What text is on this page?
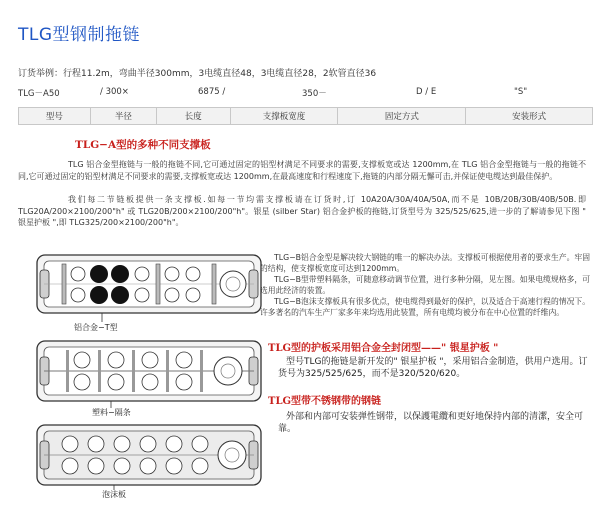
TLG型钢制拖链
订货举例：行程11.2m，弯曲半径300mm，3电缆直径48，3电缆直径28，2软管直径36
TLG－A50	/ 300×	6875 /	350－	D / E	"S"
型号	半径	长度	支撑板宽度	固定方式	安装形式
TLG−A型的多种不同支撑板
TLG 铝合金型拖链与一般的拖链不同,它可通过固定的铝型材满足不同要求的需要,支撑板宽或达 1200mm,在 TLG 铝合金型拖链与一般的拖链不同,它可通过固定的铝型材满足不同要求的需要,支撑板宽或达 1200mm,在最高速度和行程速度下,拖链的内部分隔无懈可击,并保证使电缆达到最佳保护。
我们每二节链板提供一条支撑板.如每一节均需支撑板请在订货时,订 10A20A/30A/40A/50A,而不是 10B/20B/30B/40B/50B.即 TLG20A/200×2100/200"h" 或 TLG20B/200×2100/200"h"。银星 (silber Star) 铝合金护板的拖链,订货型号为 325/525/625,进一步的了解请参见下图 " 银星护板 ",即 TLG325/200×2100/200"h"。
铝合金−T型

TLG−B铝合金型是解决较大钢链的唯一的解决办法。支撑板可根据使用者的要求生产。牢固的结构，使支撑板宽度可达到1200mm。

TLG−B型带塑料隔条，可随意移动调节位置，进行多种分隔，见左图。如果电缆规格多，可选用此经济的装置。

TLG−B泡沫支撑板具有很多优点，使电缆得到最好的保护，以及适合于高速行程的情况下。许多著名的汽车生产厂家多年来均选用此装置，所有电缆均被分布在中心位置的纤维内。

塑料−隔条
TLG型的护板采用铝合金全封闭型——" 银星护板 "

型号TLG的拖链是新开发的" 银星护板 "，采用铝合金制造，供用户选用。订货号为325/525/625，而不是320/520/620。

TLG型带不锈钢带的钢链

外部和内部可安装弹性钢带，以保護電纜和更好地保持内部的清潔，安全可靠。

泡沫板
